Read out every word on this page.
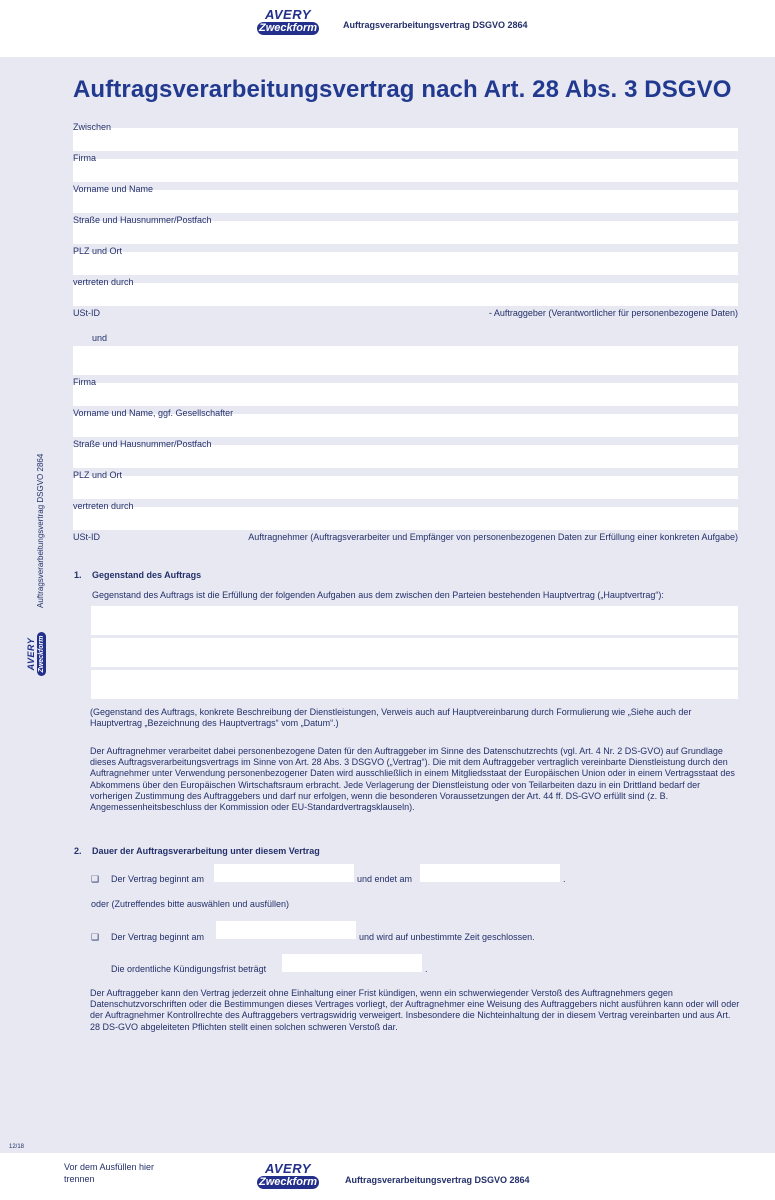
AVERY
Zweckform	Auftragsverarbeitungsvertrag DSGVO 2864
Auftragsverarbeitungsvertrag nach Art. 28 Abs. 3 DSGVO
Zwischen
Firma
Vorname und Name
Straße und Hausnummer/Postfach
PLZ und Ort
vertreten durch
USt-ID	- Auftraggeber (Verantwortlicher für personenbezogene Daten)
und
Firma
Vorname und Name, ggf. Gesellschafter
Straße und Hausnummer/Postfach
PLZ und Ort
vertreten durch
USt-ID	Auftragnehmer (Auftragsverarbeiter und Empfänger von personenbezogenen Daten zur Erfüllung einer konkreten Aufgabe)
1. Gegenstand des Auftrags
Gegenstand des Auftrags ist die Erfüllung der folgenden Aufgaben aus dem zwischen den Parteien bestehenden Hauptvertrag („Hauptvertrag“):

(Gegenstand des Auftrags, konkrete Beschreibung der Dienstleistungen, Verweis auch auf Hauptvereinbarung durch Formulierung wie „Siehe auch der Hauptvertrag „Bezeichnung des Hauptvertrags“ vom „Datum“.)

Der Auftragnehmer verarbeitet dabei personenbezogene Daten für den Auftraggeber im Sinne des Datenschutzrechts (vgl. Art. 4 Nr. 2 DS-GVO) auf Grundlage dieses Auftragsverarbeitungsvertrags im Sinne von Art. 28 Abs. 3 DSGVO („Vertrag“). Die mit dem Auftraggeber vertraglich vereinbarte Dienstleistung durch den Auftragnehmer unter Verwendung personenbezogener Daten wird ausschließlich in einem Mitgliedsstaat der Europäischen Union oder in einem Vertragsstaat des Abkommens über den Europäischen Wirtschaftsraum erbracht. Jede Verlagerung der Dienstleistung oder von Teilarbeiten dazu in ein Drittland bedarf der vorherigen Zustimmung des Auftraggebers und darf nur erfolgen, wenn die besonderen Voraussetzungen der Art. 44 ff. DS-GVO erfüllt sind (z. B. Angemessenheitsbeschluss der Kommission oder EU-Standardvertragsklauseln).

2. Dauer der Auftragsverarbeitung unter diesem Vertrag
❑ Der Vertrag beginnt am	und endet am	.
oder (Zutreffendes bitte auswählen und ausfüllen)
❑ Der Vertrag beginnt am	und wird auf unbestimmte Zeit geschlossen.
Die ordentliche Kündigungsfrist beträgt	.

Der Auftraggeber kann den Vertrag jederzeit ohne Einhaltung einer Frist kündigen, wenn ein schwerwiegender Verstoß des Auftragnehmers gegen Datenschutzvorschriften oder die Bestimmungen dieses Vertrages vorliegt, der Auftragnehmer eine Weisung des Auftraggebers nicht ausführen kann oder will oder der Auftragnehmer Kontrollrechte des Auftraggebers vertragswidrig verweigert. Insbesondere die Nichteinhaltung der in diesem Vertrag vereinbarten und aus Art. 28 DS-GVO abgeleiteten Pflichten stellt einen solchen schweren Verstoß dar.

Auftragsverarbeitungsvertrag DSGVO 2864
AVERY Zweckform
12/18
Vor dem Ausfüllen hier
trennen
AVERY
Zweckform	Auftragsverarbeitungsvertrag DSGVO 2864
